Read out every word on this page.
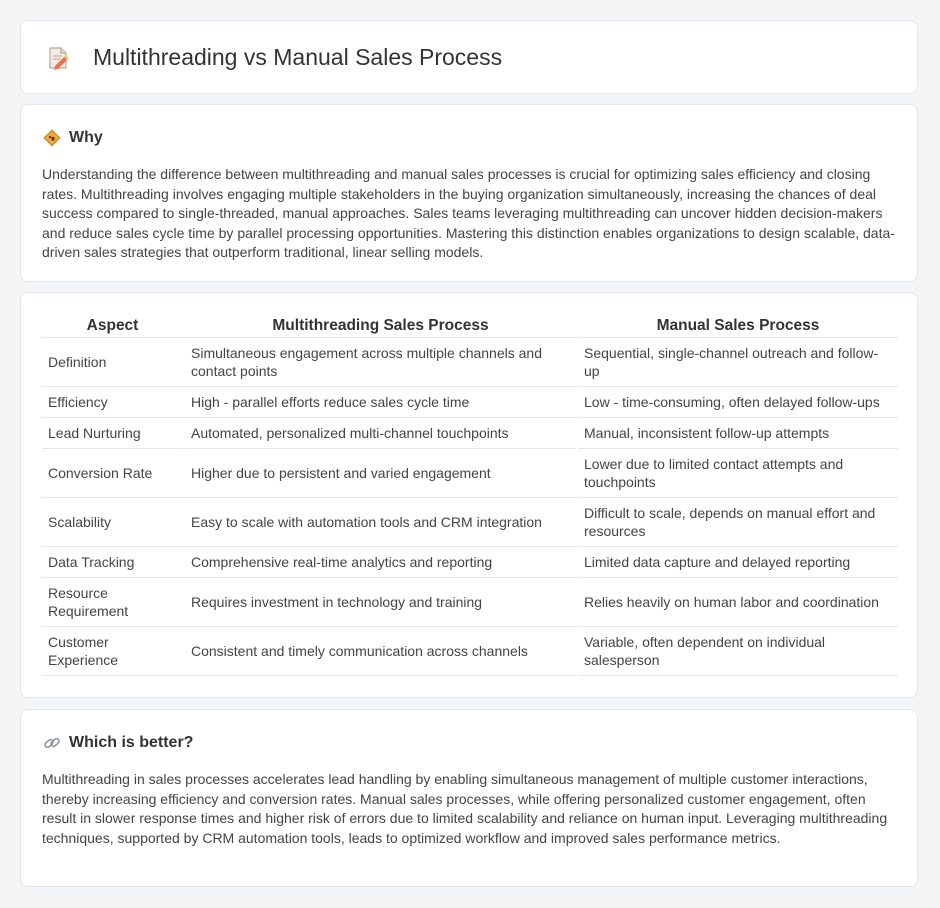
Multithreading vs Manual Sales Process
Why

Understanding the difference between multithreading and manual sales processes is crucial for optimizing sales efficiency and closing rates. Multithreading involves engaging multiple stakeholders in the buying organization simultaneously, increasing the chances of deal success compared to single-threaded, manual approaches. Sales teams leveraging multithreading can uncover hidden decision-makers and reduce sales cycle time by parallel processing opportunities. Mastering this distinction enables organizations to design scalable, data-driven sales strategies that outperform traditional, linear selling models.

Aspect	Multithreading Sales Process	Manual Sales Process
Definition	Simultaneous engagement across multiple channels and contact points	Sequential, single-channel outreach and follow-up
Efficiency	High - parallel efforts reduce sales cycle time	Low - time-consuming, often delayed follow-ups
Lead Nurturing	Automated, personalized multi-channel touchpoints	Manual, inconsistent follow-up attempts
Conversion Rate	Higher due to persistent and varied engagement	Lower due to limited contact attempts and touchpoints
Scalability	Easy to scale with automation tools and CRM integration	Difficult to scale, depends on manual effort and resources
Data Tracking	Comprehensive real-time analytics and reporting	Limited data capture and delayed reporting
Resource Requirement	Requires investment in technology and training	Relies heavily on human labor and coordination
Customer Experience	Consistent and timely communication across channels	Variable, often dependent on individual salesperson
Which is better?

Multithreading in sales processes accelerates lead handling by enabling simultaneous management of multiple customer interactions, thereby increasing efficiency and conversion rates. Manual sales processes, while offering personalized customer engagement, often result in slower response times and higher risk of errors due to limited scalability and reliance on human input. Leveraging multithreading techniques, supported by CRM automation tools, leads to optimized workflow and improved sales performance metrics.
